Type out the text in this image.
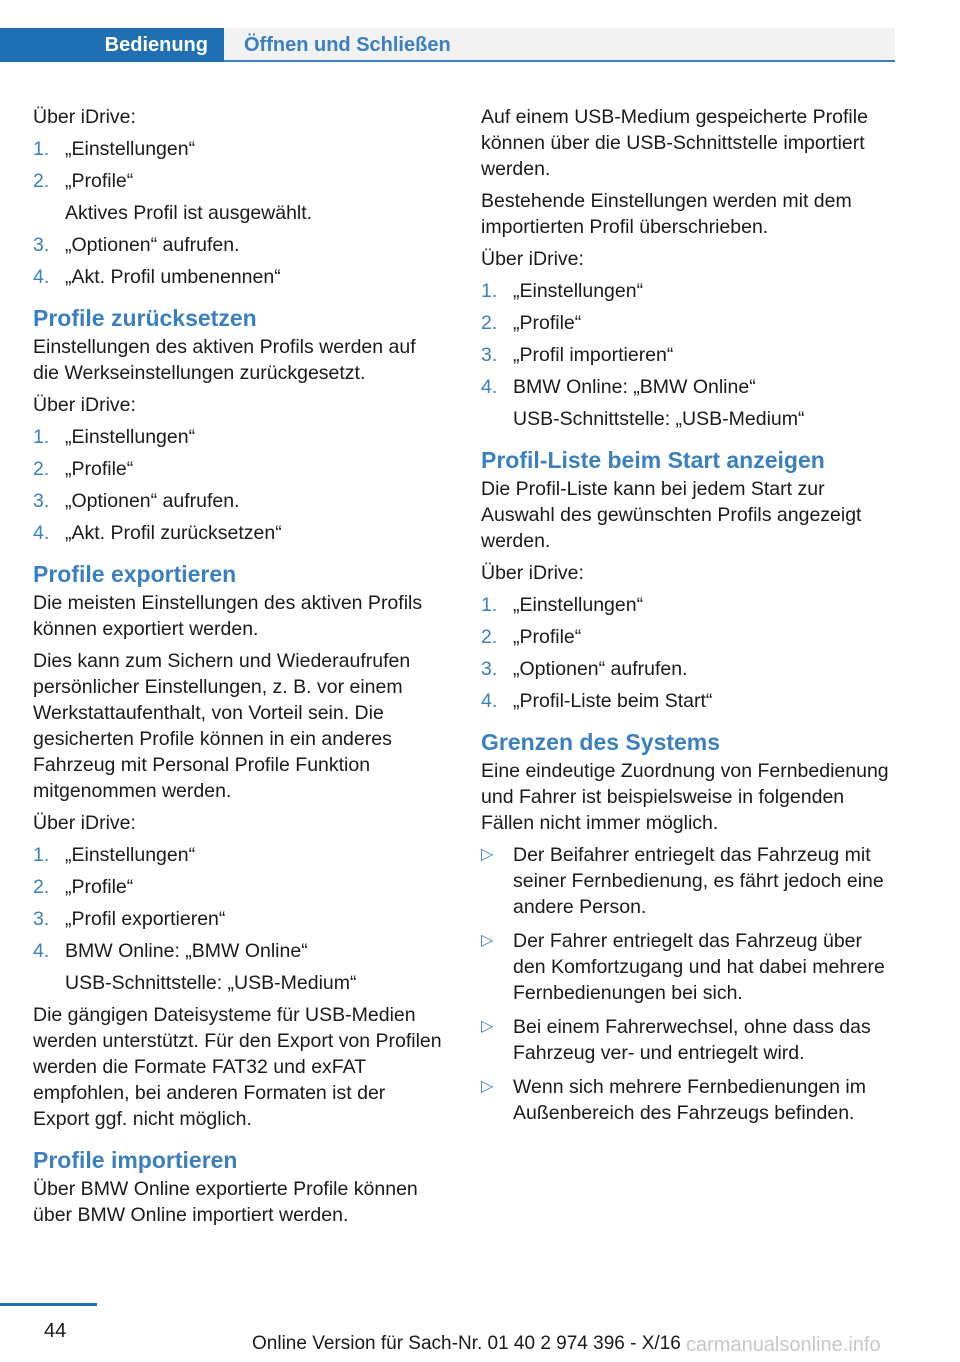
Bedienung	Öffnen und Schließen

Über iDrive:

1. „Einstellungen“
2. „Profile“
Aktives Profil ist ausgewählt.
3. „Optionen“ aufrufen.
4. „Akt. Profil umbenennen“
Profile zurücksetzen

Einstellungen des aktiven Profils werden auf die Werkseinstellungen zurückgesetzt.

Über iDrive:

1. „Einstellungen“
2. „Profile“
3. „Optionen“ aufrufen.
4. „Akt. Profil zurücksetzen“
Profile exportieren

Die meisten Einstellungen des aktiven Profils können exportiert werden.

Dies kann zum Sichern und Wiederaufrufen persönlicher Einstellungen, z. B. vor einem Werkstattaufenthalt, von Vorteil sein. Die gesicherten Profile können in ein anderes Fahrzeug mit Personal Profile Funktion mitgenommen werden.

Über iDrive:

1. „Einstellungen“
2. „Profile“
3. „Profil exportieren“
4. BMW Online: „BMW Online“
USB-Schnittstelle: „USB-Medium“

Die gängigen Dateisysteme für USB-Medien werden unterstützt. Für den Export von Profilen werden die Formate FAT32 und exFAT empfohlen, bei anderen Formaten ist der Export ggf. nicht möglich.

Profile importieren

Über BMW Online exportierte Profile können über BMW Online importiert werden.

Auf einem USB-Medium gespeicherte Profile können über die USB-Schnittstelle importiert werden.

Bestehende Einstellungen werden mit dem importierten Profil überschrieben.

Über iDrive:

1. „Einstellungen“
2. „Profile“
3. „Profil importieren“
4. BMW Online: „BMW Online“
USB-Schnittstelle: „USB-Medium“
Profil-Liste beim Start anzeigen

Die Profil-Liste kann bei jedem Start zur Auswahl des gewünschten Profils angezeigt werden.

Über iDrive:

1. „Einstellungen“
2. „Profile“
3. „Optionen“ aufrufen.
4. „Profil-Liste beim Start“
Grenzen des Systems

Eine eindeutige Zuordnung von Fernbedienung und Fahrer ist beispielsweise in folgenden Fällen nicht immer möglich.

▷ Der Beifahrer entriegelt das Fahrzeug mit seiner Fernbedienung, es fährt jedoch eine andere Person.
▷ Der Fahrer entriegelt das Fahrzeug über den Komfortzugang und hat dabei mehrere Fernbedienungen bei sich.
▷ Bei einem Fahrerwechsel, ohne dass das Fahrzeug ver- und entriegelt wird.
▷ Wenn sich mehrere Fernbedienungen im Außenbereich des Fahrzeugs befinden.
44
Online Version für Sach-Nr. 01 40 2 974 396 - X/16 carmanualsonline.info
